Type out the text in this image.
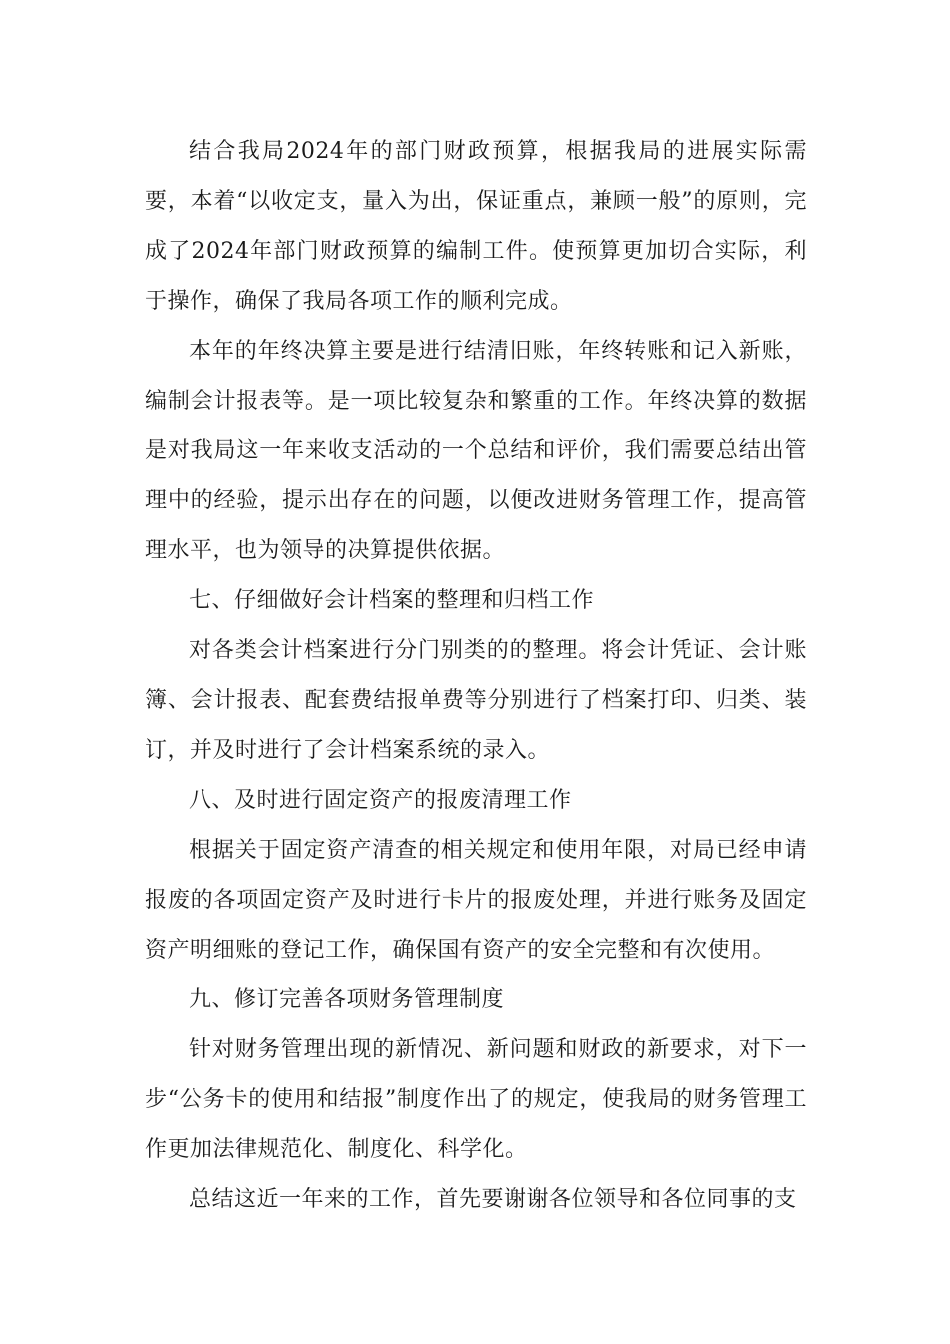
结合我局2024年的部门财政预算，根据我局的进展实际需要，本着“以收定支，量入为出，保证重点，兼顾一般”的原则，完成了2024年部门财政预算的编制工件。使预算更加切合实际，利于操作，确保了我局各项工作的顺利完成。

本年的年终决算主要是进行结清旧账，年终转账和记入新账，编制会计报表等。是一项比较复杂和繁重的工作。年终决算的数据是对我局这一年来收支活动的一个总结和评价，我们需要总结出管理中的经验，提示出存在的问题，以便改进财务管理工作，提高管理水平，也为领导的决算提供依据。

七、仔细做好会计档案的整理和归档工作

对各类会计档案进行分门别类的的整理。将会计凭证、会计账簿、会计报表、配套费结报单费等分别进行了档案打印、归类、装订，并及时进行了会计档案系统的录入。

八、及时进行固定资产的报废清理工作

根据关于固定资产清查的相关规定和使用年限，对局已经申请报废的各项固定资产及时进行卡片的报废处理，并进行账务及固定资产明细账的登记工作，确保国有资产的安全完整和有次使用。

九、修订完善各项财务管理制度

针对财务管理出现的新情况、新问题和财政的新要求，对下一步“公务卡的使用和结报”制度作出了的规定，使我局的财务管理工作更加法律规范化、制度化、科学化。

总结这近一年来的工作，首先要谢谢各位领导和各位同事的支
